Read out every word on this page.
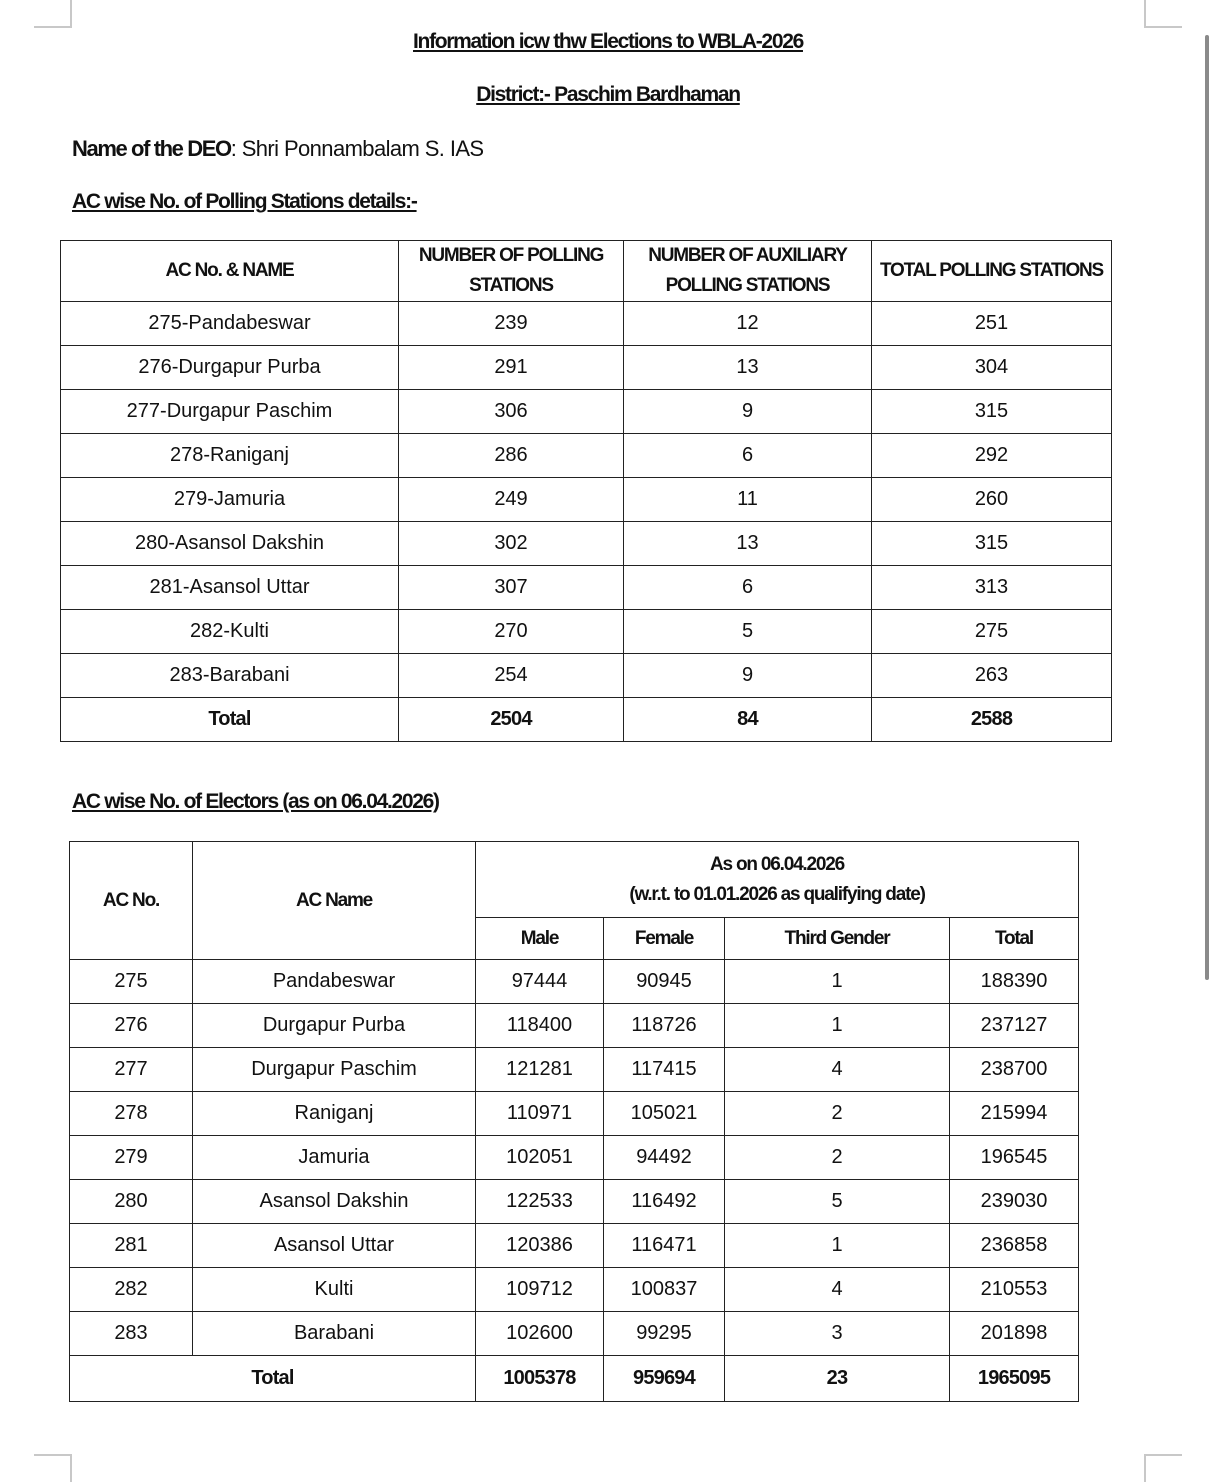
Information icw thw Elections to WBLA-2026
District:- Paschim Bardhaman
Name of the DEO: Shri Ponnambalam S. IAS
AC wise No. of Polling Stations details:-
AC No. & NAME	NUMBER OF POLLING STATIONS	NUMBER OF AUXILIARY POLLING STATIONS	TOTAL POLLING STATIONS
275-Pandabeswar	239	12	251
276-Durgapur Purba	291	13	304
277-Durgapur Paschim	306	9	315
278-Raniganj	286	6	292
279-Jamuria	249	11	260
280-Asansol Dakshin	302	13	315
281-Asansol Uttar	307	6	313
282-Kulti	270	5	275
283-Barabani	254	9	263
Total	2504	84	2588
AC wise No. of Electors (as on 06.04.2026)
AC No.	AC Name	As on 06.04.2026
(w.r.t. to 01.01.2026 as qualifying date)			

		Male	Female	Third Gender	Total
275	Pandabeswar	97444	90945	1	188390
276	Durgapur Purba	118400	118726	1	237127
277	Durgapur Paschim	121281	117415	4	238700
278	Raniganj	110971	105021	2	215994
279	Jamuria	102051	94492	2	196545
280	Asansol Dakshin	122533	116492	5	239030
281	Asansol Uttar	120386	116471	1	236858
282	Kulti	109712	100837	4	210553
283	Barabani	102600	99295	3	201898
Total		1005378	959694	23	1965095
